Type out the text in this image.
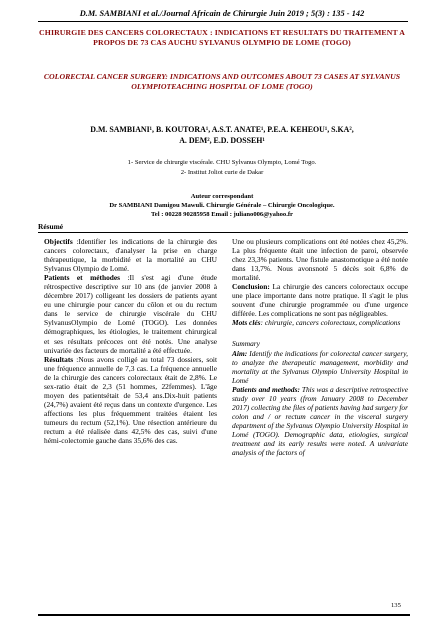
D.M. SAMBIANI et al./Journal Africain de Chirurgie Juin 2019 ; 5(3) : 135 - 142
CHIRURGIE DES CANCERS COLORECTAUX : INDICATIONS ET RESULTATS DU TRAITEMENT A PROPOS DE 73 CAS AUCHU SYLVANUS OLYMPIO DE LOME (TOGO)
COLORECTAL CANCER SURGERY: INDICATIONS AND OUTCOMES ABOUT 73 CASES AT SYLVANUS OLYMPIOTEACHING HOSPITAL OF LOME (TOGO)
D.M. SAMBIANI¹, B. KOUTORA¹, A.S.T. ANATE¹, P.E.A. KEHEOU¹, S.KA²,
A. DEM², E.D. DOSSEH¹
1- Service de chirurgie viscérale. CHU Sylvanus Olympio, Lomé Togo.
2- Institut Joliot curie de Dakar
Auteur correspondant
Dr SAMBIANI Damigou Mawuli. Chirurgie Générale – Chirurgie Oncologique.
Tel : 00228 90285958 Email : juliano006@yahoo.fr
Résumé

Objectifs :Identifier les indications de la chirurgie des cancers colorectaux, d'analyser la prise en charge thérapeutique, la morbidité et la mortalité au CHU Sylvanus Olympio de Lomé.

Patients et méthodes :Il s'est agi d'une étude rétrospective descriptive sur 10 ans (de janvier 2008 à décembre 2017) colligeant les dossiers de patients ayant eu une chirurgie pour cancer du côlon et ou du rectum dans le service de chirurgie viscérale du CHU SylvanusOlympio de Lomé (TOGO). Les données démographiques, les étiologies, le traitement chirurgical et ses résultats précoces ont été notés. Une analyse univariée des facteurs de mortalité a été effectuée.

Résultats :Nous avons colligé au total 73 dossiers, soit une fréquence annuelle de 7,3 cas. La fréquence annuelle de la chirurgie des cancers colorectaux était de 2,8%. Le sex-ratio était de 2,3 (51 hommes, 22femmes). L'âge moyen des patientsétait de 53,4 ans.Dix-huit patients (24,7%) avaient été reçus dans un contexte d'urgence. Les affections les plus fréquemment traitées étaient les tumeurs du rectum (52,1%). Une résection antérieure du rectum a été réalisée dans 42,5% des cas, suivi d'une hémi-colectomie gauche dans 35,6% des cas.

Une ou plusieurs complications ont été notées chez 45,2%. La plus fréquente était une infection de paroi, observée chez 23,3% patients. Une fistule anastomotique a été notée dans 13,7%. Nous avonsnoté 5 décès soit 6,8% de mortalité.

Conclusion: La chirurgie des cancers colorectaux occupe une place importante dans notre pratique. Il s'agit le plus souvent d'une chirurgie programmée ou d'une urgence différée. Les complications ne sont pas négligeables.

Mots clés: chirurgie, cancers colorectaux, complications

Summary

Aim: Identify the indications for colorectal cancer surgery, to analyze the therapeutic management, morbidity and mortality at the Sylvanus Olympio University Hospital in Lomé

Patients and methods: This was a descriptive retrospective study over 10 years (from January 2008 to December 2017) collecting the files of patients having had surgery for colon and / or rectum cancer in the visceral surgery department of the Sylvanus Olympio University Hospital in Lomé (TOGO). Demographic data, etiologies, surgical treatment and its early results were noted. A univariate analysis of the factors of

135
